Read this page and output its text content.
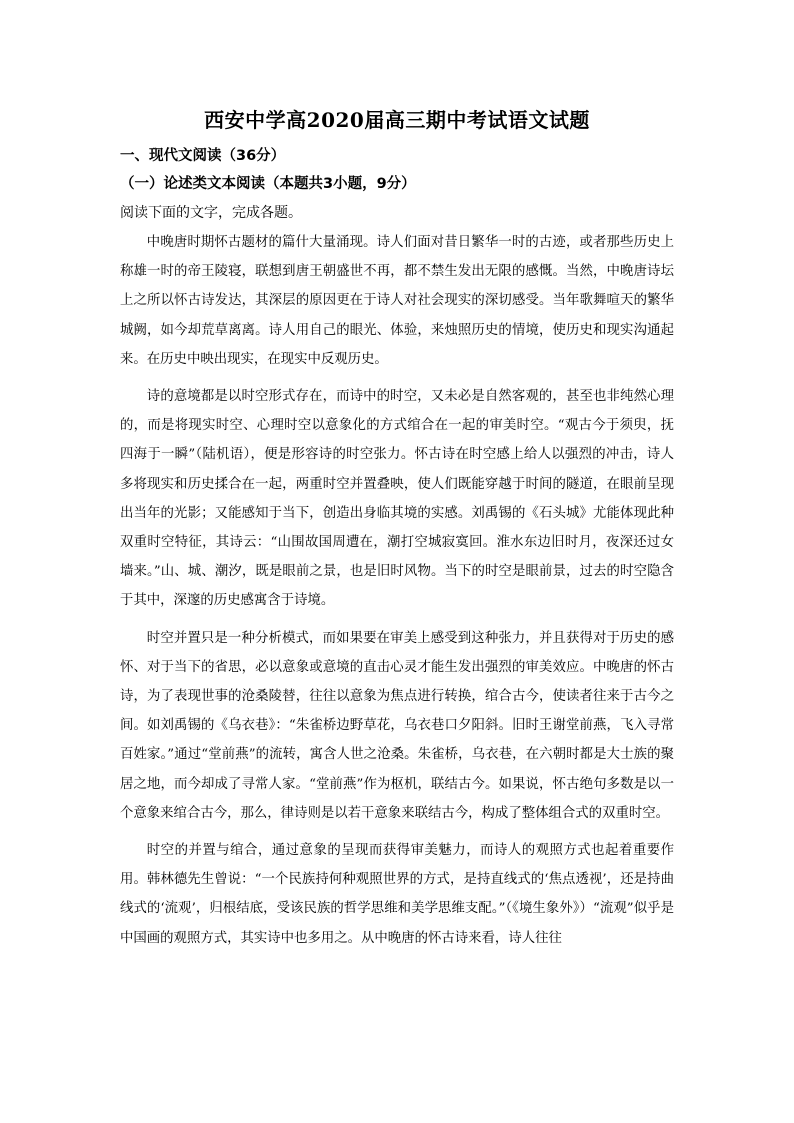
西安中学高2020届高三期中考试语文试题
一、现代文阅读（36分）
（一）论述类文本阅读（本题共3小题，9分）
阅读下面的文字，完成各题。

中晚唐时期怀古题材的篇什大量涌现。诗人们面对昔日繁华一时的古迹，或者那些历史上称雄一时的帝王陵寝，联想到唐王朝盛世不再，都不禁生发出无限的感慨。当然，中晚唐诗坛上之所以怀古诗发达，其深层的原因更在于诗人对社会现实的深切感受。当年歌舞喧天的繁华城阙，如今却荒草离离。诗人用自己的眼光、体验，来烛照历史的情境，使历史和现实沟通起来。在历史中映出现实，在现实中反观历史。

诗的意境都是以时空形式存在，而诗中的时空，又未必是自然客观的，甚至也非纯然心理的，而是将现实时空、心理时空以意象化的方式绾合在一起的审美时空。“观古今于须臾，抚四海于一瞬”（陆机语），便是形容诗的时空张力。怀古诗在时空感上给人以强烈的冲击，诗人多将现实和历史揉合在一起，两重时空并置叠映，使人们既能穿越于时间的隧道，在眼前呈现出当年的光影；又能感知于当下，创造出身临其境的实感。刘禹锡的《石头城》尤能体现此种双重时空特征，其诗云：“山围故国周遭在，潮打空城寂寞回。淮水东边旧时月，夜深还过女墙来。”山、城、潮汐，既是眼前之景，也是旧时风物。当下的时空是眼前景，过去的时空隐含于其中，深邃的历史感寓含于诗境。

时空并置只是一种分析模式，而如果要在审美上感受到这种张力，并且获得对于历史的感怀、对于当下的省思，必以意象或意境的直击心灵才能生发出强烈的审美效应。中晚唐的怀古诗，为了表现世事的沧桑陵替，往往以意象为焦点进行转换，绾合古今，使读者往来于古今之间。如刘禹锡的《乌衣巷》：“朱雀桥边野草花，乌衣巷口夕阳斜。旧时王谢堂前燕，飞入寻常百姓家。”通过“堂前燕”的流转，寓含人世之沧桑。朱雀桥，乌衣巷，在六朝时都是大士族的聚居之地，而今却成了寻常人家。“堂前燕”作为枢机，联结古今。如果说，怀古绝句多数是以一个意象来绾合古今，那么，律诗则是以若干意象来联结古今，构成了整体组合式的双重时空。

时空的并置与绾合，通过意象的呈现而获得审美魅力，而诗人的观照方式也起着重要作用。韩林德先生曾说：“一个民族持何种观照世界的方式，是持直线式的‘焦点透视’，还是持曲线式的‘流观’，归根结底，受该民族的哲学思维和美学思维支配。”（《境生象外》）“流观”似乎是中国画的观照方式，其实诗中也多用之。从中晚唐的怀古诗来看，诗人往往
